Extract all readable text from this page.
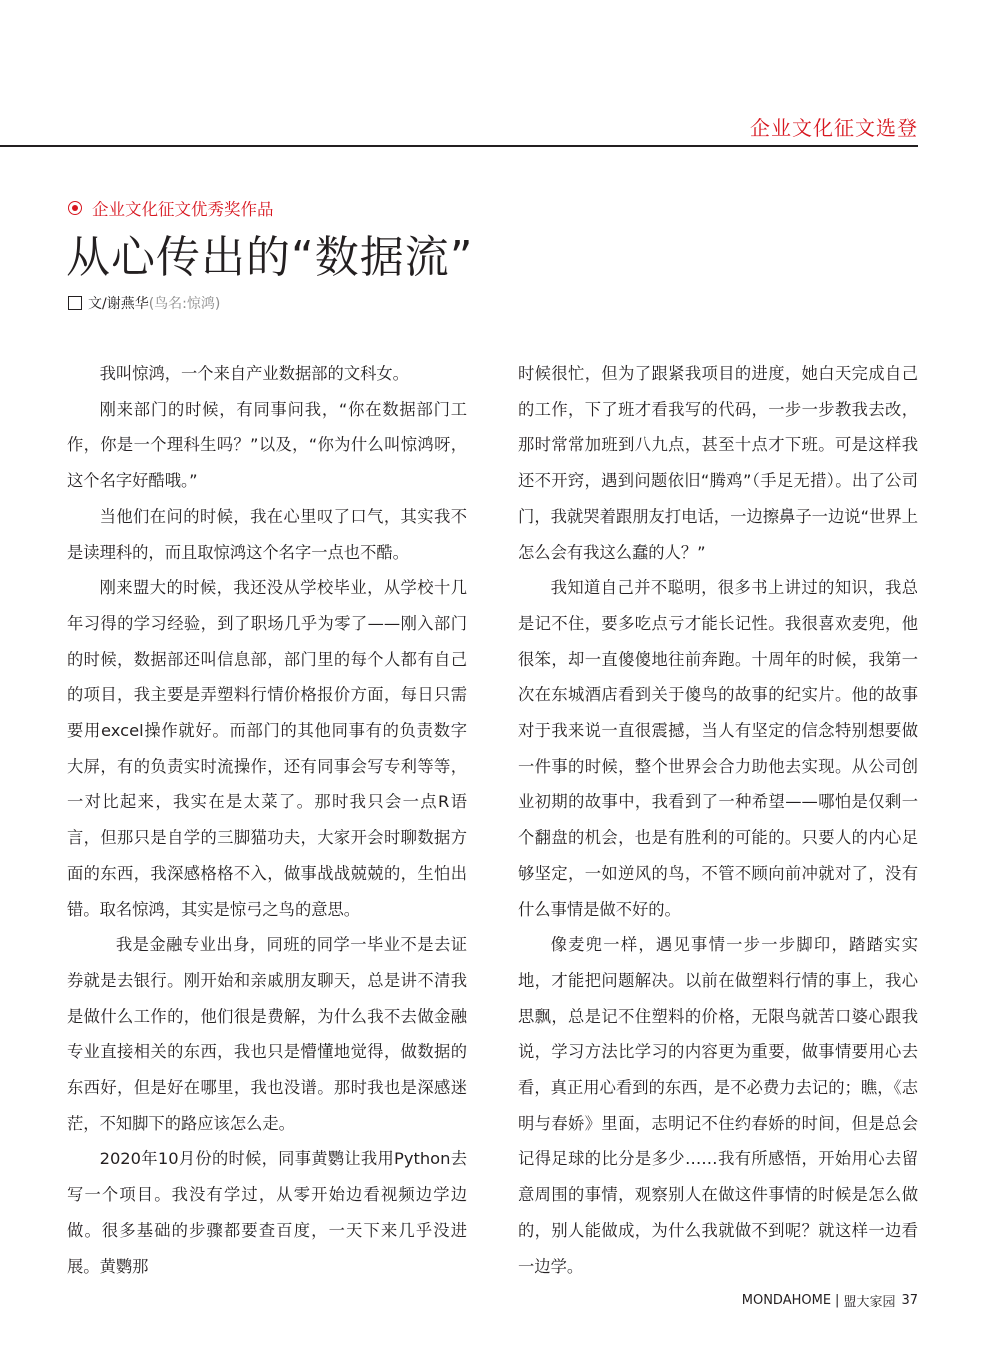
企业文化征文选登
企业文化征文优秀奖作品
从心传出的“数据流”
文/谢燕华 (鸟名:惊鸿)

我叫惊鸿，一个来自产业数据部的文科女。

刚来部门的时候，有同事问我，“你在数据部门工作，你是一个理科生吗？”以及，“你为什么叫惊鸿呀，这个名字好酷哦。”

当他们在问的时候，我在心里叹了口气，其实我不是读理科的，而且取惊鸿这个名字一点也不酷。

刚来盟大的时候，我还没从学校毕业，从学校十几年习得的学习经验，到了职场几乎为零了——刚入部门的时候，数据部还叫信息部，部门里的每个人都有自己的项目，我主要是弄塑料行情价格报价方面，每日只需要用excel操作就好。而部门的其他同事有的负责数字大屏，有的负责实时流操作，还有同事会写专利等等，一对比起来，我实在是太菜了。那时我只会一点R语言，但那只是自学的三脚猫功夫，大家开会时聊数据方面的东西，我深感格格不入，做事战战兢兢的，生怕出错。取名惊鸿，其实是惊弓之鸟的意思。

我是金融专业出身，同班的同学一毕业不是去证券就是去银行。刚开始和亲戚朋友聊天，总是讲不清我是做什么工作的，他们很是费解，为什么我不去做金融专业直接相关的东西，我也只是懵懂地觉得，做数据的东西好，但是好在哪里，我也没谱。那时我也是深感迷茫，不知脚下的路应该怎么走。

2020年10月份的时候，同事黄鹦让我用Python去写一个项目。我没有学过，从零开始边看视频边学边做。很多基础的步骤都要查百度，一天下来几乎没进展。黄鹦那

时候很忙，但为了跟紧我项目的进度，她白天完成自己的工作，下了班才看我写的代码，一步一步教我去改，那时常常加班到八九点，甚至十点才下班。可是这样我还不开窍，遇到问题依旧“腾鸡”（手足无措）。出了公司门，我就哭着跟朋友打电话，一边擦鼻子一边说“世界上怎么会有我这么蠢的人？”

我知道自己并不聪明，很多书上讲过的知识，我总是记不住，要多吃点亏才能长记性。我很喜欢麦兜，他很笨，却一直傻傻地往前奔跑。十周年的时候，我第一次在东城酒店看到关于傻鸟的故事的纪实片。他的故事对于我来说一直很震撼，当人有坚定的信念特别想要做一件事的时候，整个世界会合力助他去实现。从公司创业初期的故事中，我看到了一种希望——哪怕是仅剩一个翻盘的机会，也是有胜利的可能的。只要人的内心足够坚定，一如逆风的鸟，不管不顾向前冲就对了，没有什么事情是做不好的。

像麦兜一样，遇见事情一步一步脚印，踏踏实实地，才能把问题解决。以前在做塑料行情的事上，我心思飘，总是记不住塑料的价格，无限鸟就苦口婆心跟我说，学习方法比学习的内容更为重要，做事情要用心去看，真正用心看到的东西，是不必费力去记的；瞧，《志明与春娇》里面，志明记不住约春娇的时间，但是总会记得足球的比分是多少……我有所感悟，开始用心去留意周围的事情，观察别人在做这件事情的时候是怎么做的，别人能做成，为什么我就做不到呢？就这样一边看一边学。

MONDAHOME | 盟大家园 37
